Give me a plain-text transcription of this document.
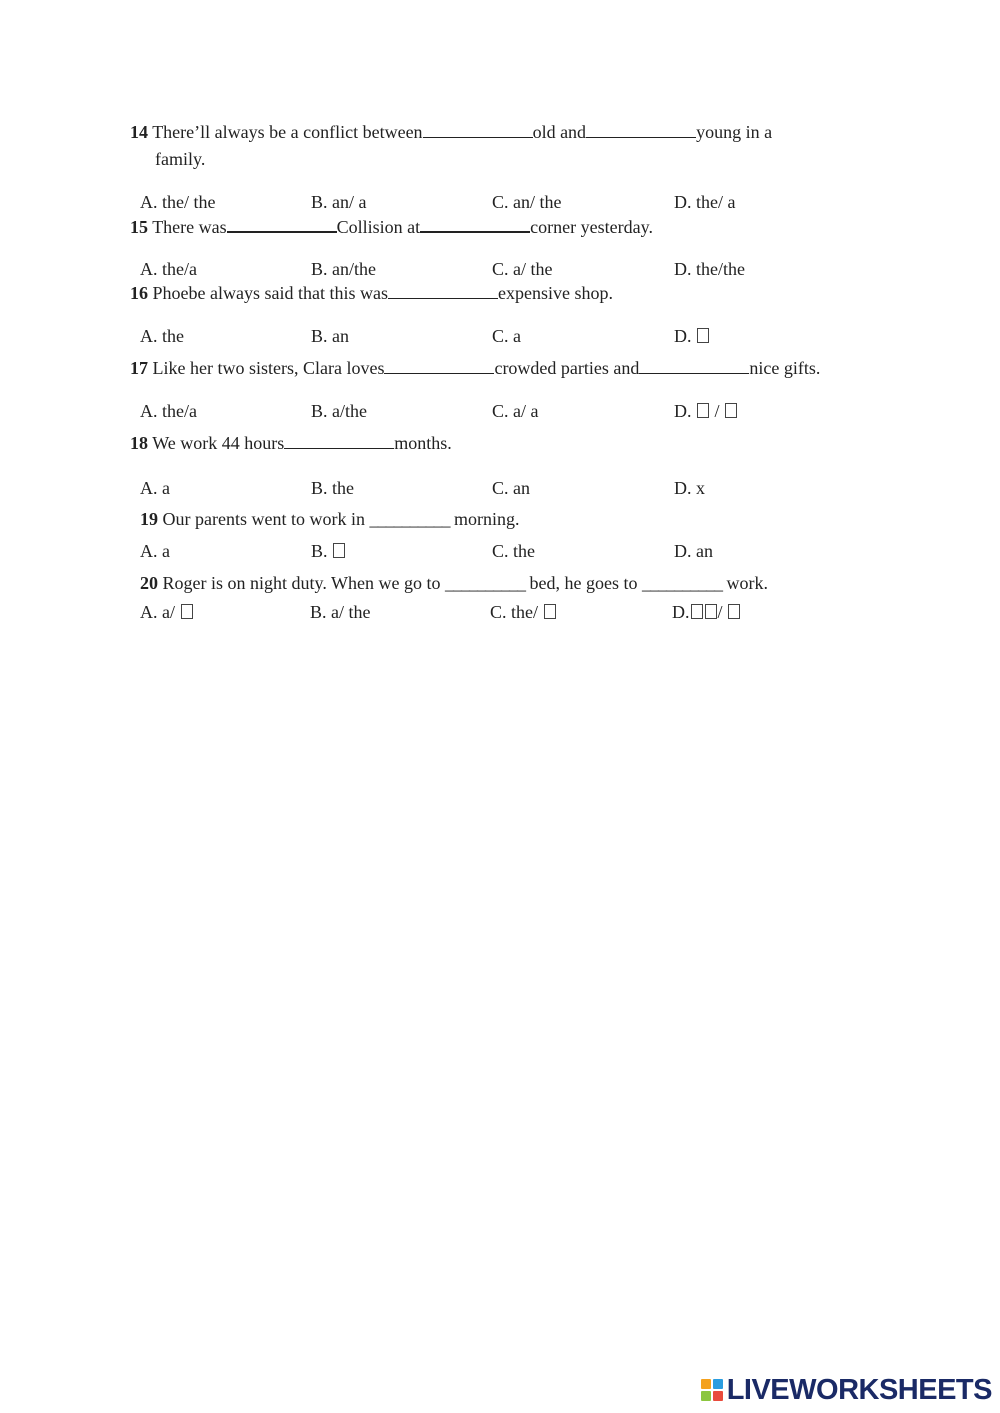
14 There’ll always be a conflict between	old and	young in a
family.
A. the/ the	B. an/ a	C. an/ the	D. the/ a
15 There was	Collision at	corner yesterday.
A. the/a	B. an/the	C. a/ the	D. the/the
16 Phoebe always said that this was	expensive shop.
A. the	B. an	C. a	D.
17 Like her two sisters, Clara loves	crowded parties and	nice gifts.
A. the/a	B. a/the	C. a/ a	D. /
18 We work 44 hours	months.
A. a	B. the	C. an	D. x
19 Our parents went to work in __________ morning.
A. a	B.	C. the	D. an
20 Roger is on night duty. When we go to __________ bed, he goes to __________ work.
A. a/	B. a/ the	C. the/	D. /
LIVEWORKSHEETS
